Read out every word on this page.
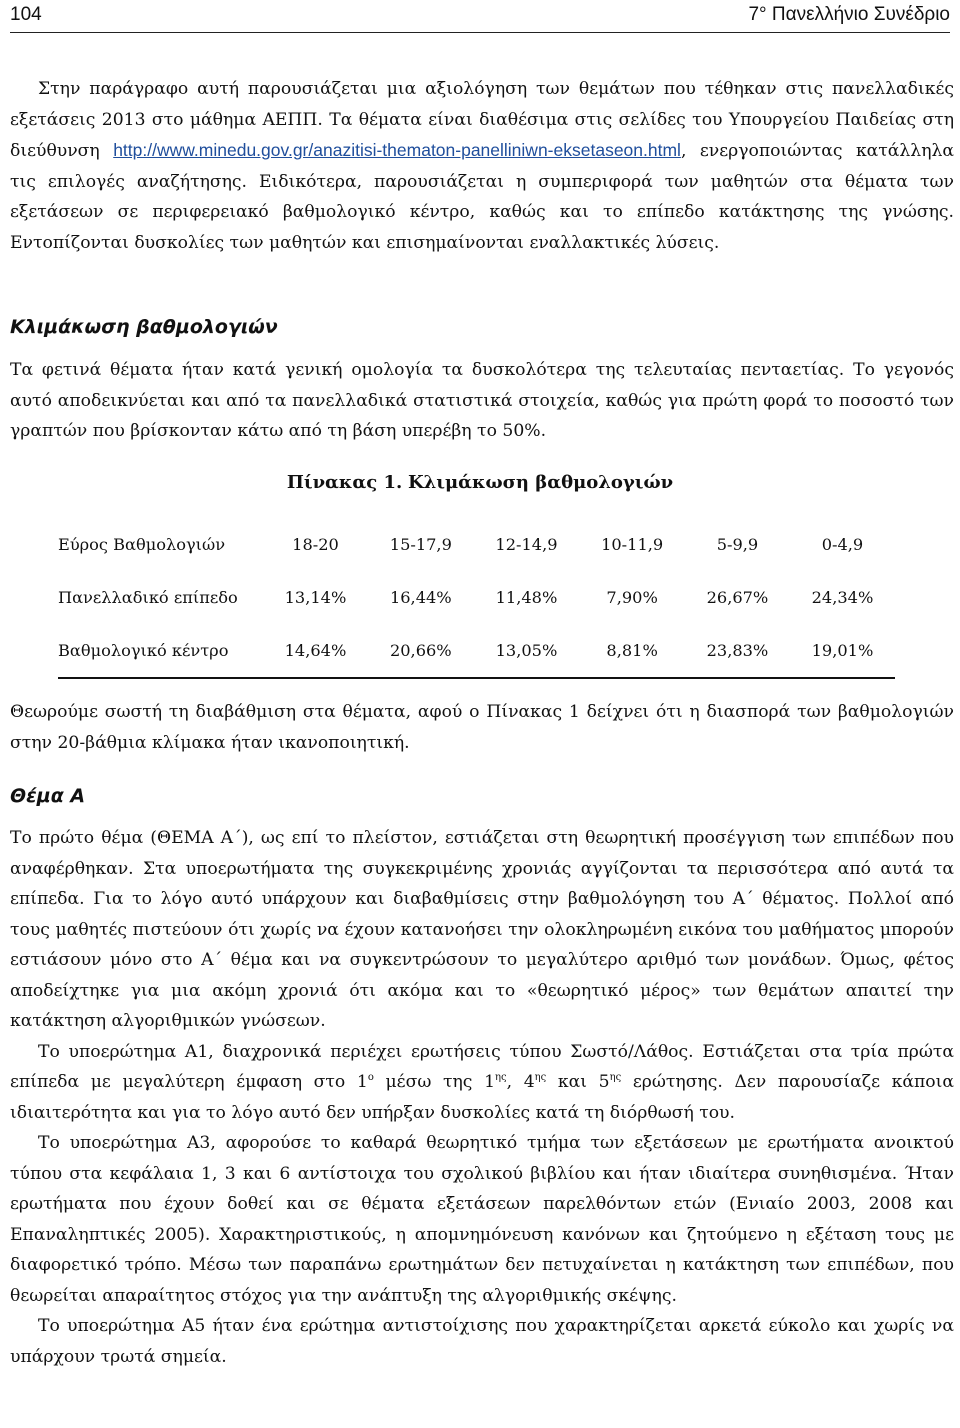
104	7° Πανελλήνιο Συνέδριο

Στην παράγραφο αυτή παρουσιάζεται μια αξιολόγηση των θεμάτων που τέθηκαν στις πανελλαδικές εξετάσεις 2013 στο μάθημα ΑΕΠΠ. Τα θέματα είναι διαθέσιμα στις σελίδες του Υπουργείου Παιδείας στη διεύθυνση http://www.minedu.gov.gr/anazitisi-thematon-panelliniwn-eksetaseon.html, ενεργοποιώντας κατάλληλα τις επιλογές αναζήτησης. Ειδικότερα, παρουσιάζεται η συμπεριφορά των μαθητών στα θέματα των εξετάσεων σε περιφερειακό βαθμολογικό κέντρο, καθώς και το επίπεδο κατάκτησης της γνώσης. Εντοπίζονται δυσκολίες των μαθητών και επισημαίνονται εναλλακτικές λύσεις.

Κλιμάκωση βαθμολογιών

Τα φετινά θέματα ήταν κατά γενική ομολογία τα δυσκολότερα της τελευταίας πενταετίας. Το γεγονός αυτό αποδεικνύεται και από τα πανελλαδικά στατιστικά στοιχεία, καθώς για πρώτη φορά το ποσοστό των γραπτών που βρίσκονταν κάτω από τη βάση υπερέβη το 50%.

Πίνακας 1. Κλιμάκωση βαθμολογιών
Εύρος Βαθμολογιών	18-20	15-17,9	12-14,9	10-11,9	5-9,9	0-4,9
Πανελλαδικό επίπεδο	13,14%	16,44%	11,48%	7,90%	26,67%	24,34%
Βαθμολογικό κέντρο	14,64%	20,66%	13,05%	8,81%	23,83%	19,01%

Θεωρούμε σωστή τη διαβάθμιση στα θέματα, αφού ο Πίνακας 1 δείχνει ότι η διασπορά των βαθμολογιών στην 20-βάθμια κλίμακα ήταν ικανοποιητική.

Θέμα Α

Το πρώτο θέμα (ΘΕΜΑ Α΄), ως επί το πλείστον, εστιάζεται στη θεωρητική προσέγγιση των επιπέδων που αναφέρθηκαν. Στα υποερωτήματα της συγκεκριμένης χρονιάς αγγίζονται τα περισσότερα από αυτά τα επίπεδα. Για το λόγο αυτό υπάρχουν και διαβαθμίσεις στην βαθμολόγηση του Α΄ θέματος. Πολλοί από τους μαθητές πιστεύουν ότι χωρίς να έχουν κατανοήσει την ολοκληρωμένη εικόνα του μαθήματος μπορούν εστιάσουν μόνο στο Α΄ θέμα και να συγκεντρώσουν το μεγαλύτερο αριθμό των μονάδων. Όμως, φέτος αποδείχτηκε για μια ακόμη χρονιά ότι ακόμα και το «θεωρητικό μέρος» των θεμάτων απαιτεί την κατάκτηση αλγοριθμικών γνώσεων.

Το υποερώτημα Α1, διαχρονικά περιέχει ερωτήσεις τύπου Σωστό/Λάθος. Εστιάζεται στα τρία πρώτα επίπεδα με μεγαλύτερη έμφαση στο $1^o$ μέσω της $1^{\eta\varsigma}$, $4^{\eta\varsigma}$ και $5^{\eta\varsigma}$ ερώτησης. Δεν παρουσίαζε κάποια ιδιαιτερότητα και για το λόγο αυτό δεν υπήρξαν δυσκολίες κατά τη διόρθωσή του.

Το υποερώτημα Α3, αφορούσε το καθαρά θεωρητικό τμήμα των εξετάσεων με ερωτήματα ανοικτού τύπου στα κεφάλαια 1, 3 και 6 αντίστοιχα του σχολικού βιβλίου και ήταν ιδιαίτερα συνηθισμένα. Ήταν ερωτήματα που έχουν δοθεί και σε θέματα εξετάσεων παρελθόντων ετών (Ενιαίο 2003, 2008 και Επαναληπτικές 2005). Χαρακτηριστικούς, η απομνημόνευση κανόνων και ζητούμενο η εξέταση τους με διαφορετικό τρόπο. Μέσω των παραπάνω ερωτημάτων δεν πετυχαίνεται η κατάκτηση των επιπέδων, που θεωρείται απαραίτητος στόχος για την ανάπτυξη της αλγοριθμικής σκέψης.

Το υποερώτημα Α5 ήταν ένα ερώτημα αντιστοίχισης που χαρακτηρίζεται αρκετά εύκολο και χωρίς να υπάρχουν τρωτά σημεία.
